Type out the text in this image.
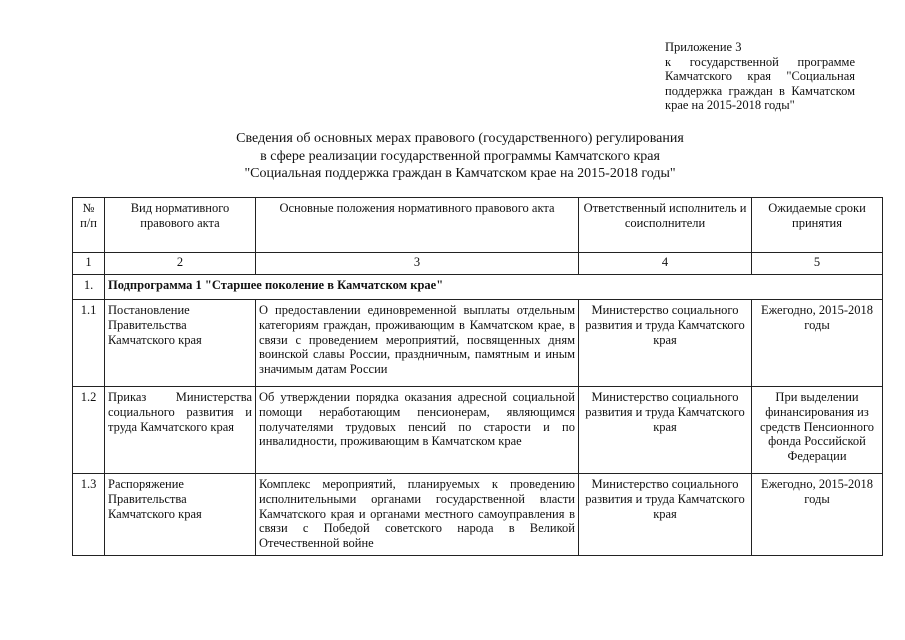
Приложение 3
к государственной программе
Камчатского края "Социальная
поддержка граждан в Камчатском
крае на 2015-2018 годы"
Сведения об основных мерах правового (государственного) регулирования
в сфере реализации государственной программы Камчатского края
"Социальная поддержка граждан в Камчатском крае на 2015-2018 годы"
№ п/п	Вид нормативного правового акта	Основные положения нормативного правового акта	Ответственный исполнитель и соисполнители	Ожидаемые сроки принятия
1	2	3	4	5
1.	Подпрограмма 1 "Старшее поколение в Камчатском крае"			
1.1	Постановление Правительства Камчатского края	О предоставлении единовременной выплаты отдельным категориям граждан, проживающим в Камчатском крае, в связи с проведением мероприятий, посвященных дням воинской славы России, праздничным, памятным и иным значимым датам России	Министерство социального развития и труда Камчатского края	Ежегодно, 2015-2018 годы
1.2	Приказ Министерства социального развития и труда Камчатского края	Об утверждении порядка оказания адресной социальной помощи неработающим пенсионерам, являющимся получателями трудовых пенсий по старости и по инвалидности, проживающим в Камчатском крае	Министерство социального развития и труда Камчатского края	При выделении финансирования из средств Пенсионного фонда Российской Федерации
1.3	Распоряжение Правительства Камчатского края	Комплекс мероприятий, планируемых к проведению исполнительными органами государственной власти Камчатского края и органами местного самоуправления в связи с Победой советского народа в Великой Отечественной войне	Министерство социального развития и труда Камчатского края	Ежегодно, 2015-2018 годы
